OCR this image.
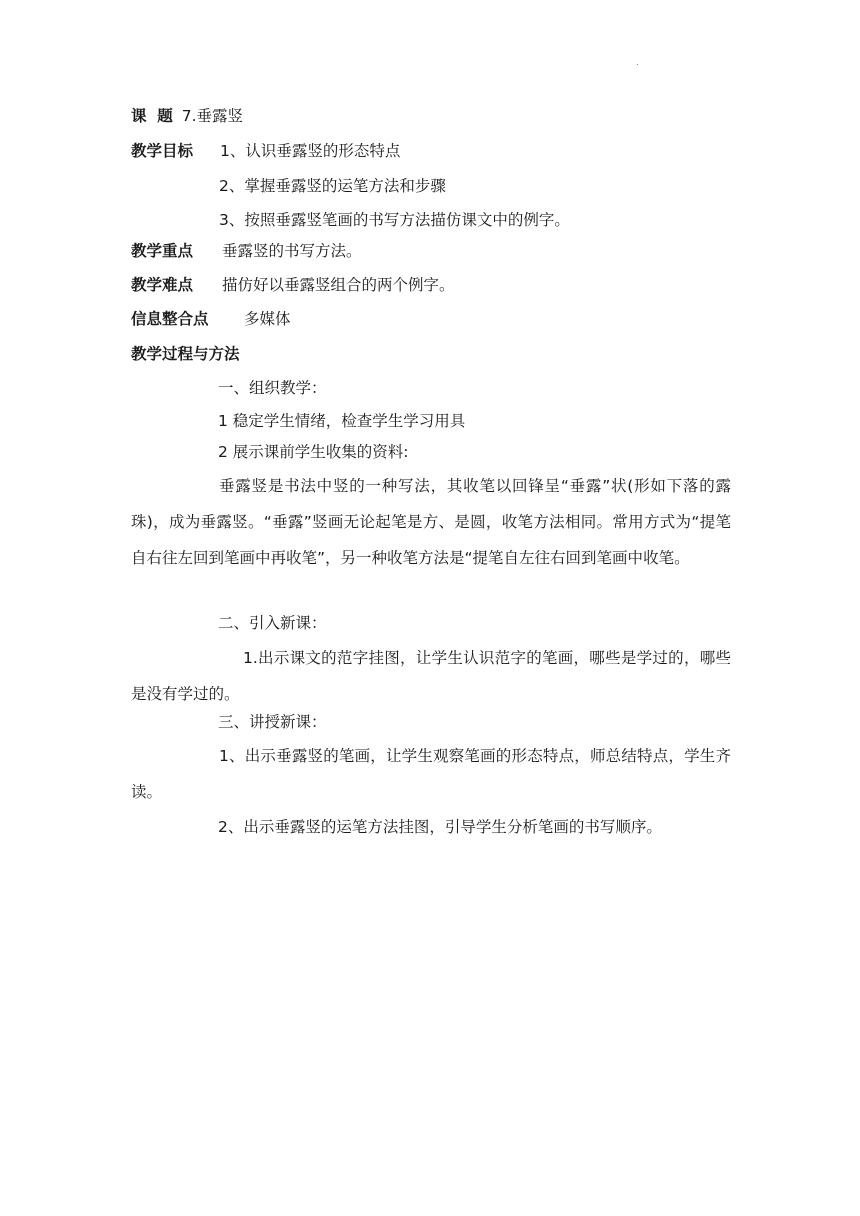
.
课  题 7.垂露竖
教学目标 1、认识垂露竖的形态特点
2、掌握垂露竖的运笔方法和步骤
3、按照垂露竖笔画的书写方法描仿课文中的例字。
教学重点 垂露竖的书写方法。
教学难点 描仿好以垂露竖组合的两个例字。
信息整合点 多媒体
教学过程与方法
一、组织教学：
1 稳定学生情绪，检查学生学习用具
2 展示课前学生收集的资料:
垂露竖是书法中竖的一种写法，其收笔以回锋呈“垂露”状(形如下落的露珠)，成为垂露竖。“垂露”竖画无论起笔是方、是圆，收笔方法相同。常用方式为“提笔自右往左回到笔画中再收笔”，另一种收笔方法是“提笔自左往右回到笔画中收笔。
二、引入新课：
1.出示课文的范字挂图，让学生认识范字的笔画，哪些是学过的，哪些是没有学过的。
三、讲授新课：
1、出示垂露竖的笔画，让学生观察笔画的形态特点，师总结特点，学生齐读。
2、出示垂露竖的运笔方法挂图，引导学生分析笔画的书写顺序。
